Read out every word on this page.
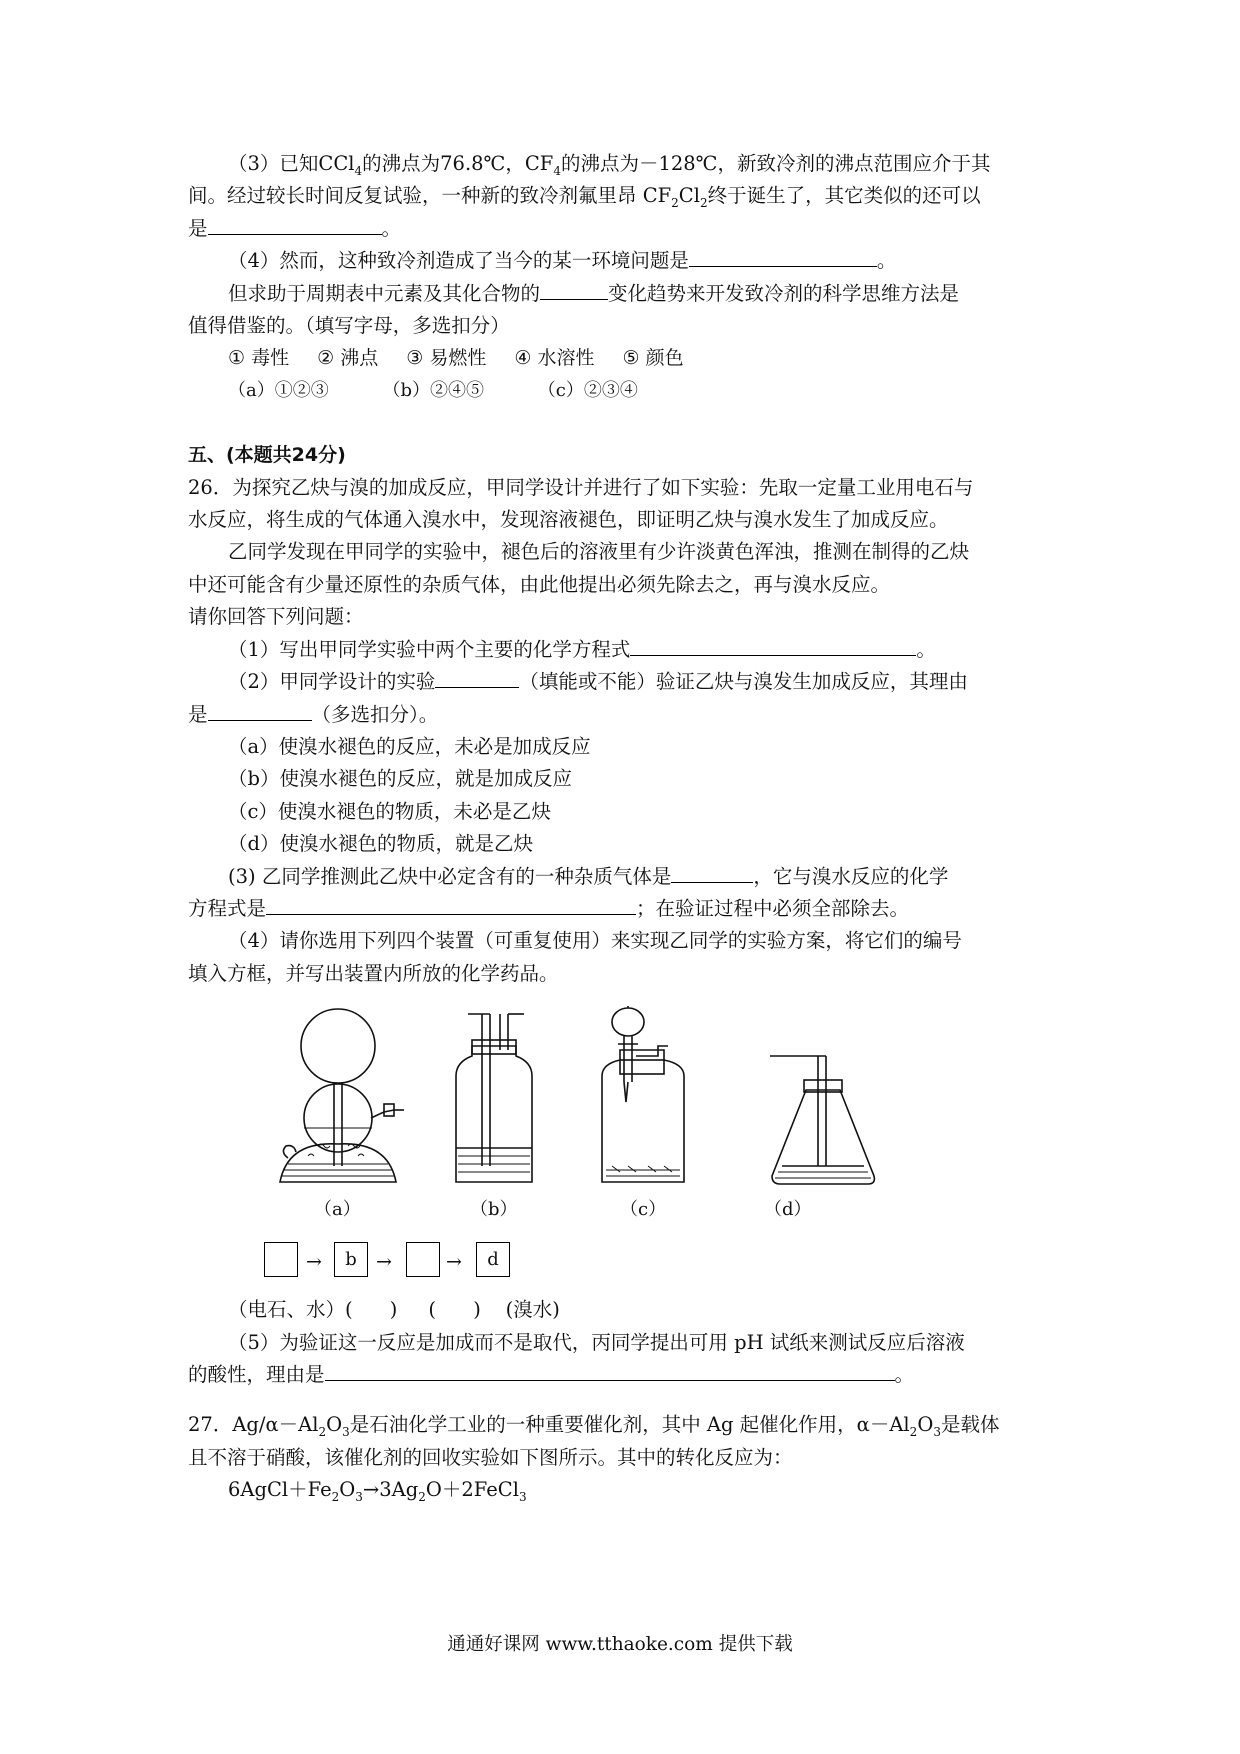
（3）已知CCl$_4$的沸点为76.8℃，$CF_4$的沸点为－128℃，新致冷剂的沸点范围应介于其

间。经过较长时间反复试验，一种新的致冷剂氟里昂 $CF_2Cl_2$终于诞生了，其它类似的还可以

是	。

（4）然而，这种致冷剂造成了当今的某一环境问题是	。

但求助于周期表中元素及其化合物的	变化趋势来开发致冷剂的科学思维方法是

值得借鉴的。（填写字母，多选扣分）

① 毒性 ② 沸点 ③ 易燃性 ④ 水溶性 ⑤ 颜色

（a）①②③	（b）②④⑤	（c）②③④

五、(本题共24分)

26．为探究乙炔与溴的加成反应，甲同学设计并进行了如下实验：先取一定量工业用电石与

水反应，将生成的气体通入溴水中，发现溶液褪色，即证明乙炔与溴水发生了加成反应。

乙同学发现在甲同学的实验中，褪色后的溶液里有少许淡黄色浑浊，推测在制得的乙炔

中还可能含有少量还原性的杂质气体，由此他提出必须先除去之，再与溴水反应。

请你回答下列问题：

（1）写出甲同学实验中两个主要的化学方程式	。

（2）甲同学设计的实验	（填能或不能）验证乙炔与溴发生加成反应，其理由

是	（多选扣分）。

（a）使溴水褪色的反应，未必是加成反应

（b）使溴水褪色的反应，就是加成反应

（c）使溴水褪色的物质，未必是乙炔

（d）使溴水褪色的物质，就是乙炔

(3) 乙同学推测此乙炔中必定含有的一种杂质气体是	，它与溴水反应的化学

方程式是	；在验证过程中必须全部除去。

（4）请你选用下列四个装置（可重复使用）来实现乙同学的实验方案，将它们的编号

填入方框，并写出装置内所放的化学药品。

（a）	（b）	（c）	（d）
→	b	→	→	d

（电石、水）(      )     (      )    (溴水)

（5）为验证这一反应是加成而不是取代，丙同学提出可用 pH 试纸来测试反应后溶液

的酸性，理由是	。

27．$Ag/\alpha-Al_2O_3$是石油化学工业的一种重要催化剂，其中 Ag 起催化作用，$\alpha-Al_2O_3$是载体

且不溶于硝酸，该催化剂的回收实验如下图所示。其中的转化反应为：

$6AgCl+Fe_2O_3\to 3Ag_2O+2FeCl_3$

通通好课网 www.tthaoke.com 提供下载
